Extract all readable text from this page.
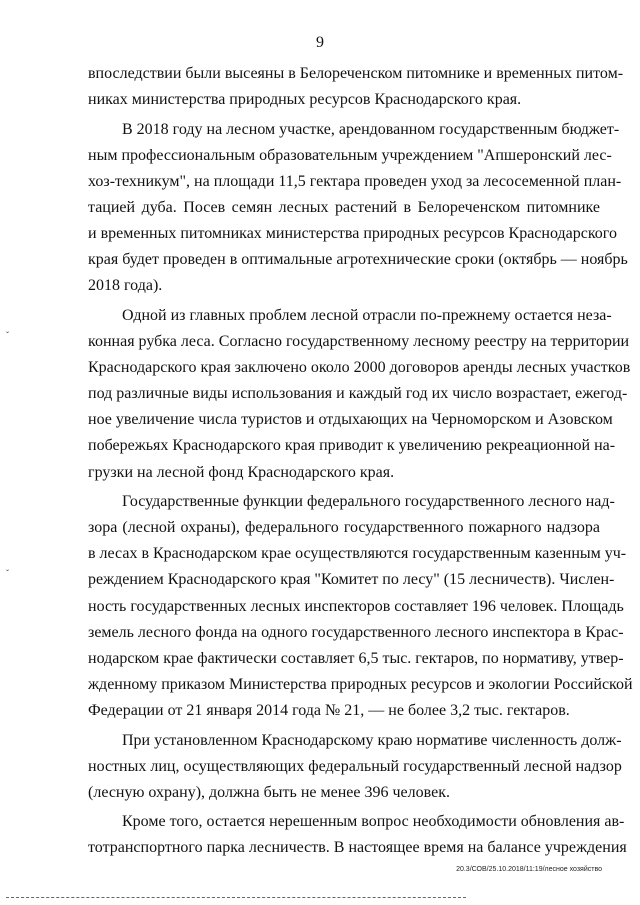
9
впоследствии были высеяны в Белореченском питомнике и временных питом-
никах министерства природных ресурсов Краснодарского края.
В 2018 году на лесном участке, арендованном государственным бюджет-
ным профессиональным образовательным учреждением "Апшеронский лес-
хоз-техникум", на площади 11,5 гектара проведен уход за лесосеменной план-
тацией дуба. Посев семян лесных растений в Белореченском питомнике
и временных питомниках министерства природных ресурсов Краснодарского
края будет проведен в оптимальные агротехнические сроки (октябрь — ноябрь
2018 года).
Одной из главных проблем лесной отрасли по-прежнему остается неза-
конная рубка леса. Согласно государственному лесному реестру на территории
Краснодарского края заключено около 2000 договоров аренды лесных участков
под различные виды использования и каждый год их число возрастает, ежегод-
ное увеличение числа туристов и отдыхающих на Черноморском и Азовском
побережьях Краснодарского края приводит к увеличению рекреационной на-
грузки на лесной фонд Краснодарского края.
Государственные функции федерального государственного лесного над-
зора (лесной охраны), федерального государственного пожарного надзора
в лесах в Краснодарском крае осуществляются государственным казенным уч-
реждением Краснодарского края "Комитет по лесу" (15 лесничеств). Числен-
ность государственных лесных инспекторов составляет 196 человек. Площадь
земель лесного фонда на одного государственного лесного инспектора в Крас-
нодарском крае фактически составляет 6,5 тыс. гектаров, по нормативу, утвер-
жденному приказом Министерства природных ресурсов и экологии Российской
Федерации от 21 января 2014 года № 21, — не более 3,2 тыс. гектаров.
При установленном Краснодарскому краю нормативе численность долж-
ностных лиц, осуществляющих федеральный государственный лесной надзор
(лесную охрану), должна быть не менее 396 человек.
Кроме того, остается нерешенным вопрос необходимости обновления ав-
тотранспортного парка лесничеств. В настоящее время на балансе учреждения
ˇ
ˇ
20.3/СОВ/25.10.2018/11:19/лесное хозяйство
